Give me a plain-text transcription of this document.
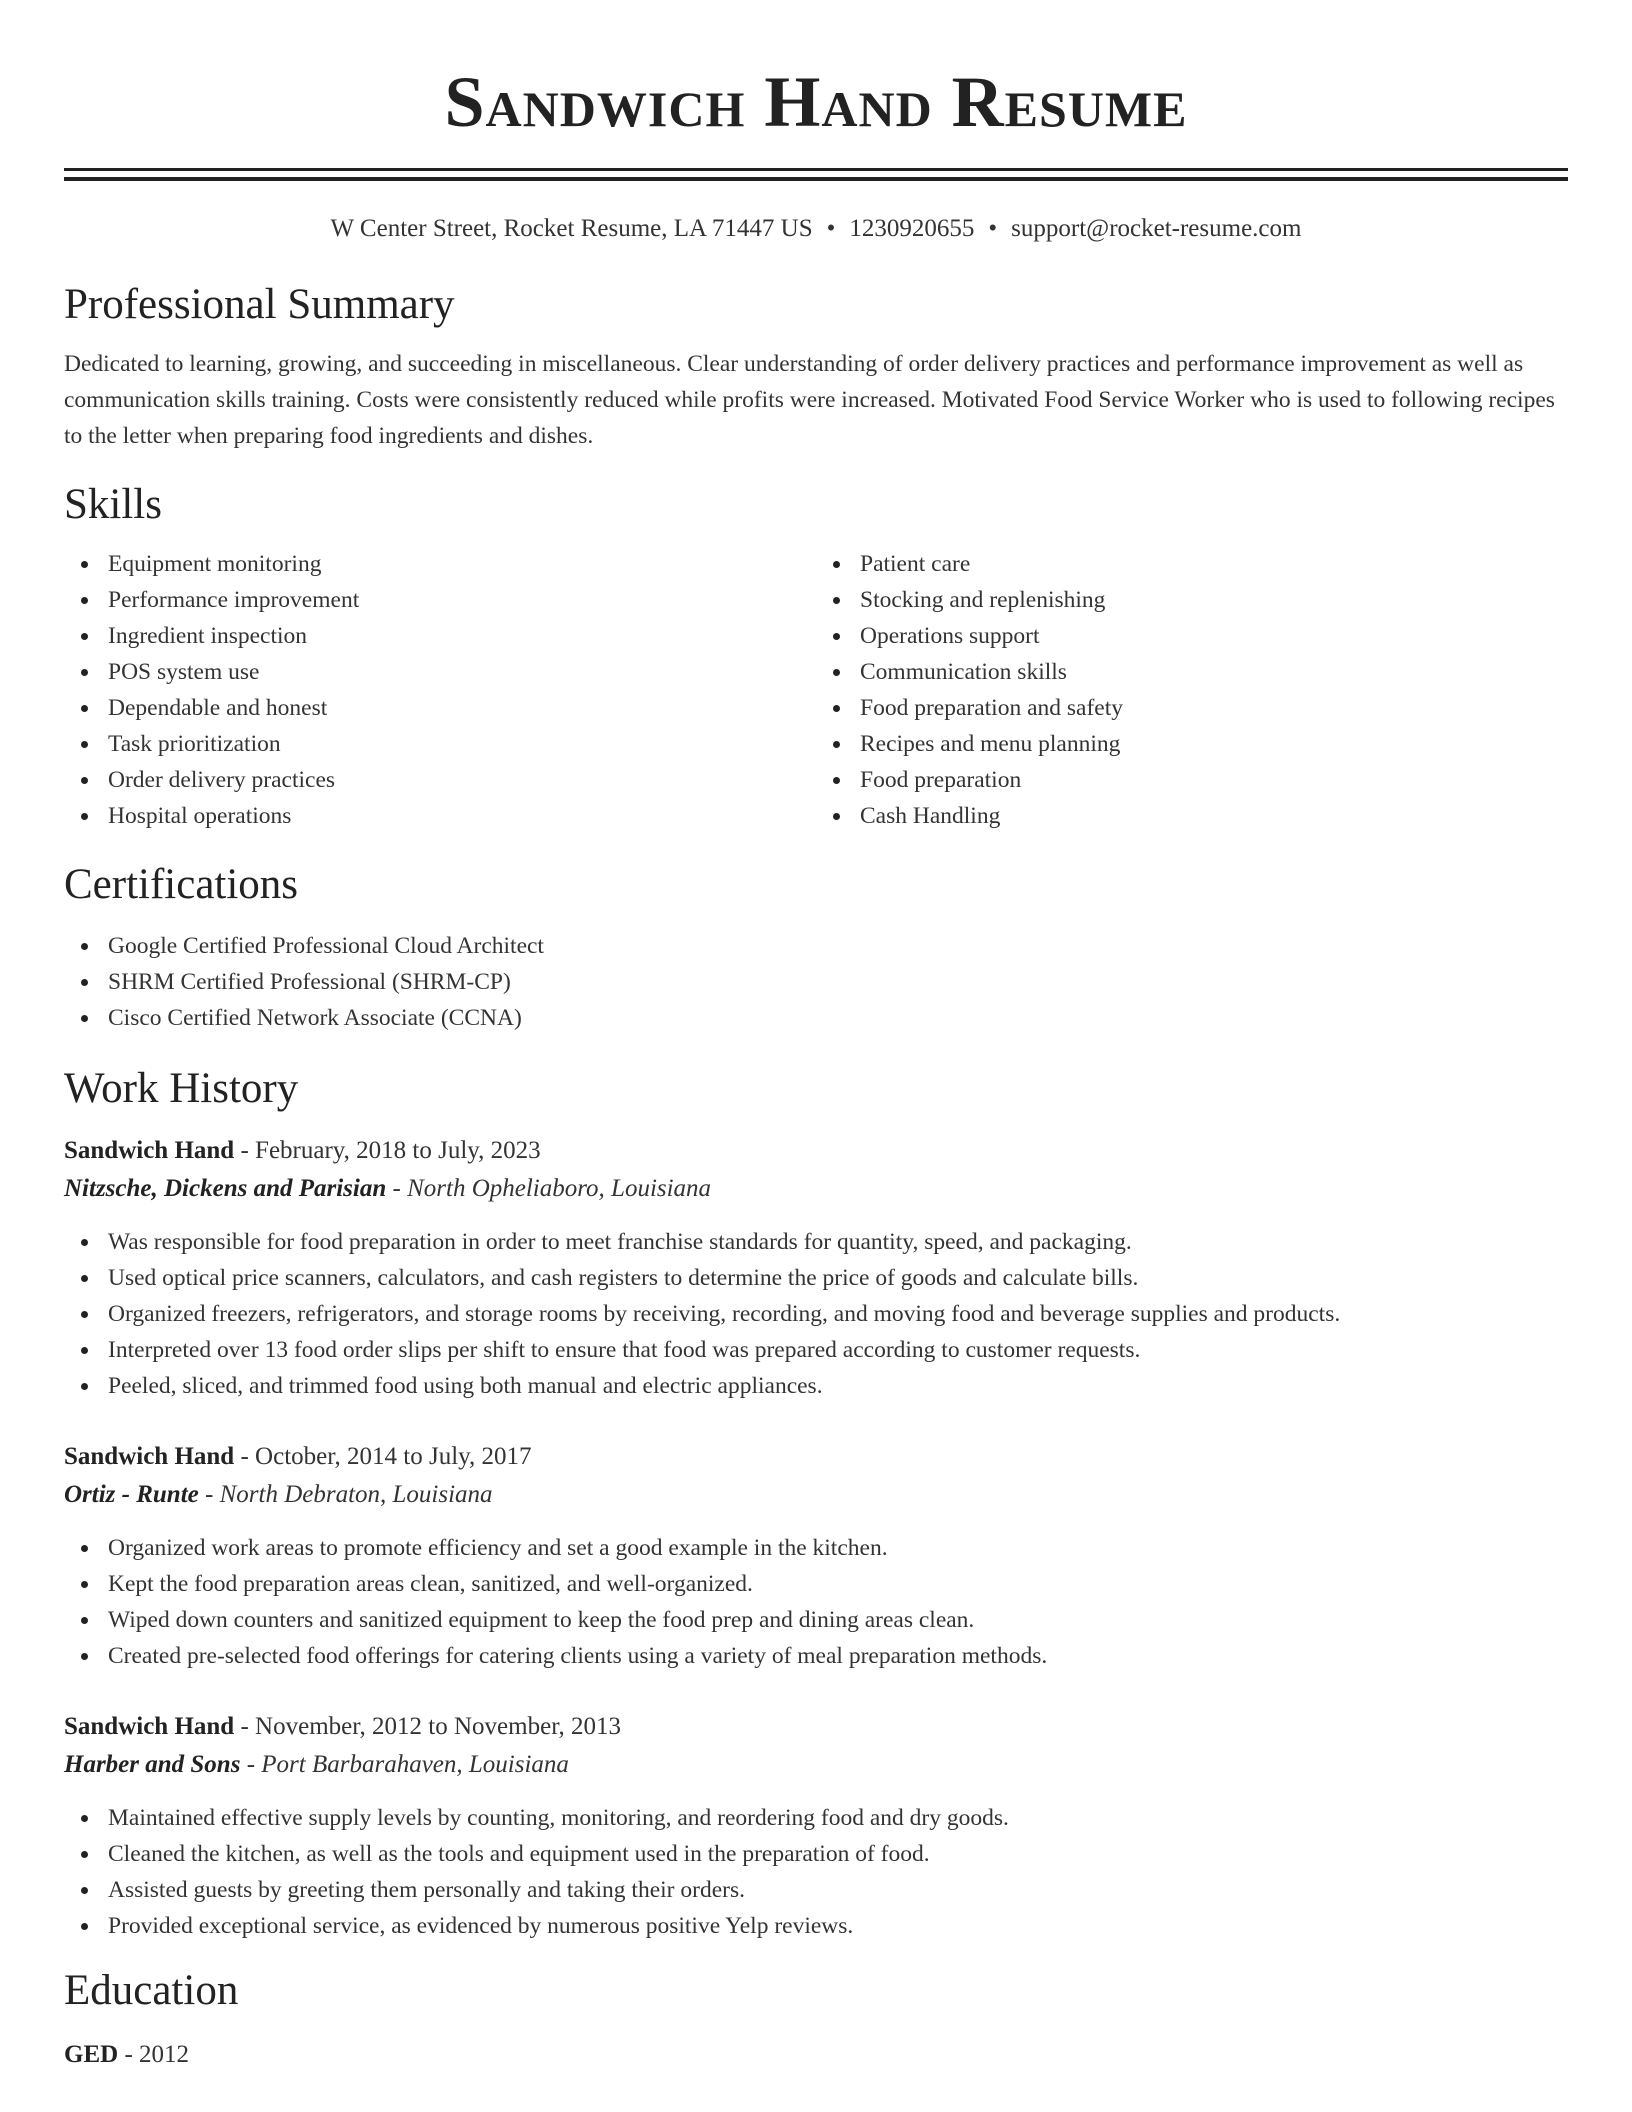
Sandwich Hand Resume
W Center Street, Rocket Resume, LA 71447 US • 1230920655 • support@rocket-resume.com
Professional Summary
Dedicated to learning, growing, and succeeding in miscellaneous. Clear understanding of order delivery practices and performance improvement as well as communication skills training. Costs were consistently reduced while profits were increased. Motivated Food Service Worker who is used to following recipes to the letter when preparing food ingredients and dishes.
Skills
Equipment monitoring
Performance improvement
Ingredient inspection
POS system use
Dependable and honest
Task prioritization
Order delivery practices
Hospital operations
Patient care
Stocking and replenishing
Operations support
Communication skills
Food preparation and safety
Recipes and menu planning
Food preparation
Cash Handling
Certifications
Google Certified Professional Cloud Architect
SHRM Certified Professional (SHRM-CP)
Cisco Certified Network Associate (CCNA)
Work History
Sandwich Hand - February, 2018 to July, 2023
Nitzsche, Dickens and Parisian - North Opheliaboro, Louisiana
Was responsible for food preparation in order to meet franchise standards for quantity, speed, and packaging.
Used optical price scanners, calculators, and cash registers to determine the price of goods and calculate bills.
Organized freezers, refrigerators, and storage rooms by receiving, recording, and moving food and beverage supplies and products.
Interpreted over 13 food order slips per shift to ensure that food was prepared according to customer requests.
Peeled, sliced, and trimmed food using both manual and electric appliances.
Sandwich Hand - October, 2014 to July, 2017
Ortiz - Runte - North Debraton, Louisiana
Organized work areas to promote efficiency and set a good example in the kitchen.
Kept the food preparation areas clean, sanitized, and well-organized.
Wiped down counters and sanitized equipment to keep the food prep and dining areas clean.
Created pre-selected food offerings for catering clients using a variety of meal preparation methods.
Sandwich Hand - November, 2012 to November, 2013
Harber and Sons - Port Barbarahaven, Louisiana
Maintained effective supply levels by counting, monitoring, and reordering food and dry goods.
Cleaned the kitchen, as well as the tools and equipment used in the preparation of food.
Assisted guests by greeting them personally and taking their orders.
Provided exceptional service, as evidenced by numerous positive Yelp reviews.
Education
GED - 2012
